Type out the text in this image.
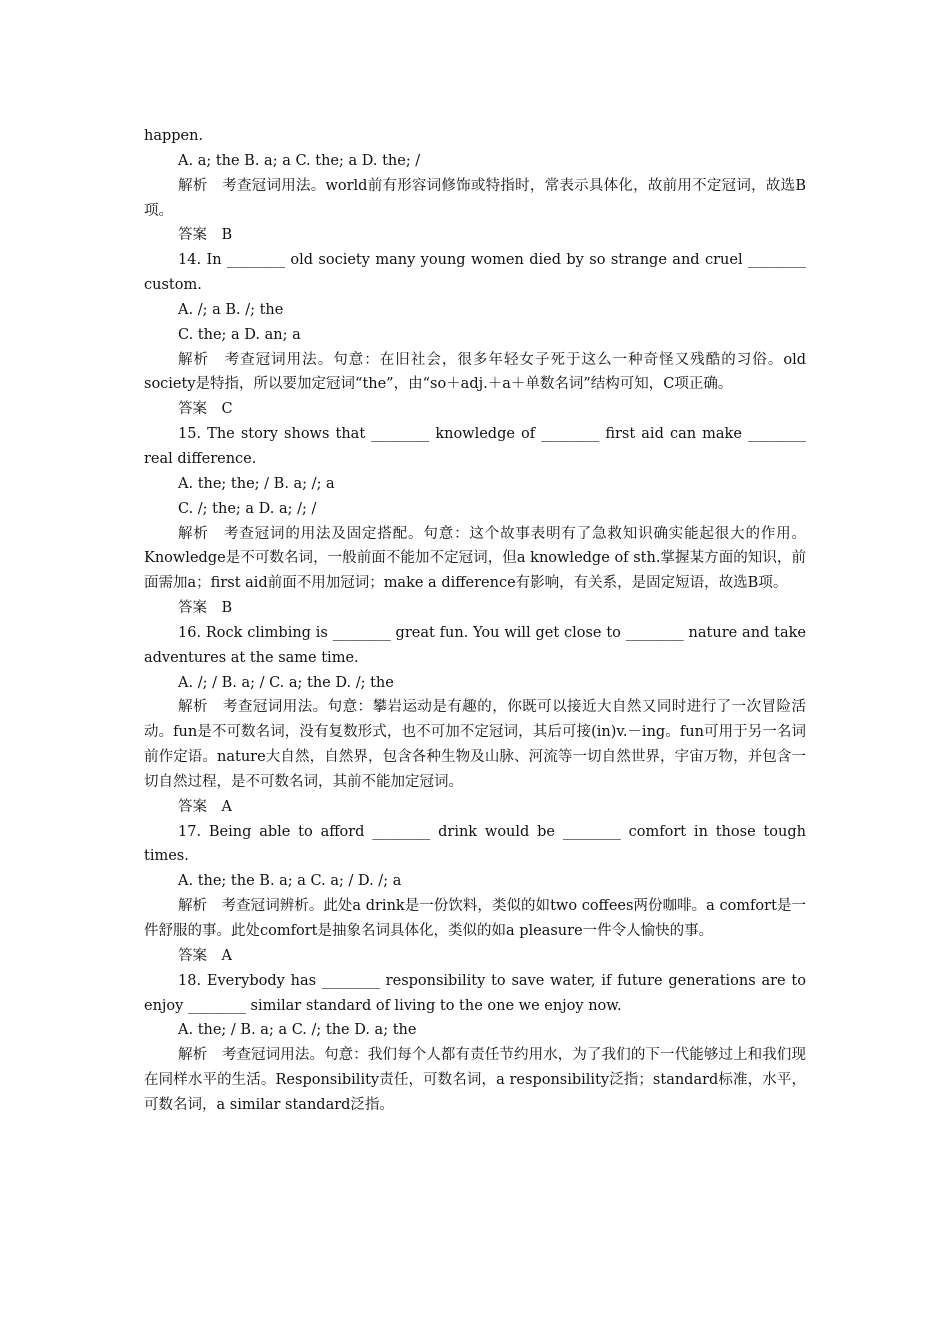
happen.

A. a; the B. a; a C. the; a D. the; /

解析　考查冠词用法。world前有形容词修饰或特指时，常表示具体化，故前用不定冠词，故选B项。

答案　B

14. In ________ old society many young women died by so strange and cruel ________ custom.

A. /; a B. /; the

C. the; a D. an; a

解析　考查冠词用法。句意：在旧社会，很多年轻女子死于这么一种奇怪又残酷的习俗。old society是特指，所以要加定冠词“the”，由“so＋adj.＋a＋单数名词”结构可知，C项正确。

答案　C

15. The story shows that ________ knowledge of ________ first aid can make ________ real difference.

A. the; the; / B. a; /; a

C. /; the; a D. a; /; /

解析　考查冠词的用法及固定搭配。句意：这个故事表明有了急救知识确实能起很大的作用。Knowledge是不可数名词，一般前面不能加不定冠词，但a knowledge of sth.掌握某方面的知识，前面需加a；first aid前面不用加冠词；make a difference有影响，有关系，是固定短语，故选B项。

答案　B

16. Rock climbing is ________ great fun. You will get close to ________ nature and take adventures at the same time.

A. /; / B. a; / C. a; the D. /; the

解析　考查冠词用法。句意：攀岩运动是有趣的，你既可以接近大自然又同时进行了一次冒险活动。fun是不可数名词，没有复数形式，也不可加不定冠词，其后可接(in)v.－ing。fun可用于另一名词前作定语。nature大自然，自然界，包含各种生物及山脉、河流等一切自然世界，宇宙万物，并包含一切自然过程，是不可数名词，其前不能加定冠词。

答案　A

17. Being able to afford ________ drink would be ________ comfort in those tough times.

A. the; the B. a; a C. a; / D. /; a

解析　考查冠词辨析。此处a drink是一份饮料，类似的如two coffees两份咖啡。a comfort是一件舒服的事。此处comfort是抽象名词具体化，类似的如a pleasure一件令人愉快的事。

答案　A

18. Everybody has ________ responsibility to save water, if future generations are to enjoy ________ similar standard of living to the one we enjoy now.

A. the; / B. a; a C. /; the D. a; the

解析　考查冠词用法。句意：我们每个人都有责任节约用水，为了我们的下一代能够过上和我们现在同样水平的生活。Responsibility责任，可数名词，a responsibility泛指；standard标准，水平，可数名词，a similar standard泛指。
